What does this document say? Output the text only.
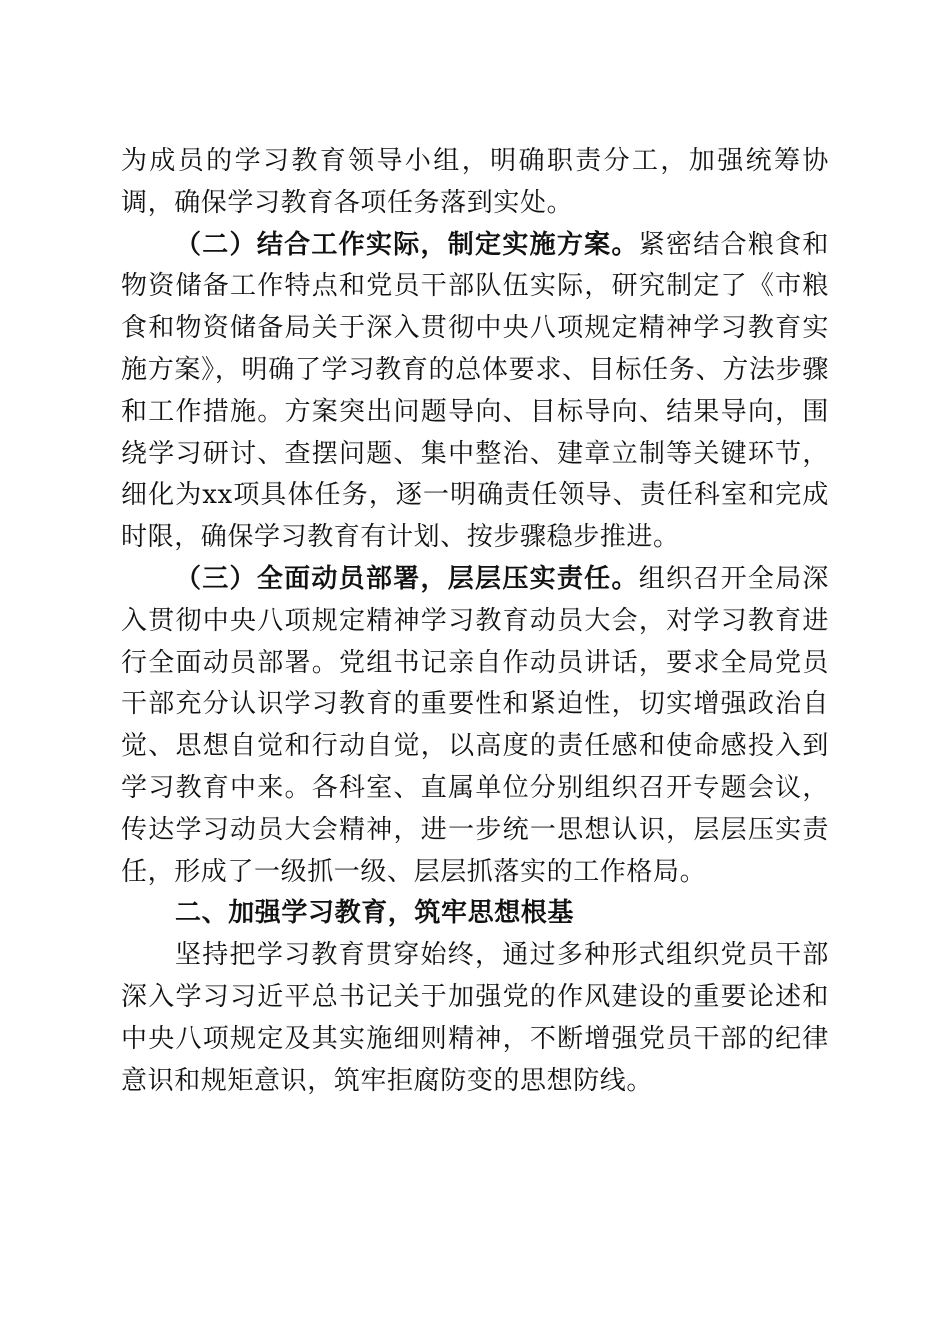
为成员的学习教育领导小组，明确职责分工，加强统筹协调，确保学习教育各项任务落到实处。

（二）结合工作实际，制定实施方案。紧密结合粮食和物资储备工作特点和党员干部队伍实际，研究制定了《市粮食和物资储备局关于深入贯彻中央八项规定精神学习教育实施方案》，明确了学习教育的总体要求、目标任务、方法步骤和工作措施。方案突出问题导向、目标导向、结果导向，围绕学习研讨、查摆问题、集中整治、建章立制等关键环节，细化为xx项具体任务，逐一明确责任领导、责任科室和完成时限，确保学习教育有计划、按步骤稳步推进。

（三）全面动员部署，层层压实责任。组织召开全局深入贯彻中央八项规定精神学习教育动员大会，对学习教育进行全面动员部署。党组书记亲自作动员讲话，要求全局党员干部充分认识学习教育的重要性和紧迫性，切实增强政治自觉、思想自觉和行动自觉，以高度的责任感和使命感投入到学习教育中来。各科室、直属单位分别组织召开专题会议，传达学习动员大会精神，进一步统一思想认识，层层压实责任，形成了一级抓一级、层层抓落实的工作格局。

二、加强学习教育，筑牢思想根基

坚持把学习教育贯穿始终，通过多种形式组织党员干部深入学习习近平总书记关于加强党的作风建设的重要论述和中央八项规定及其实施细则精神，不断增强党员干部的纪律意识和规矩意识，筑牢拒腐防变的思想防线。
